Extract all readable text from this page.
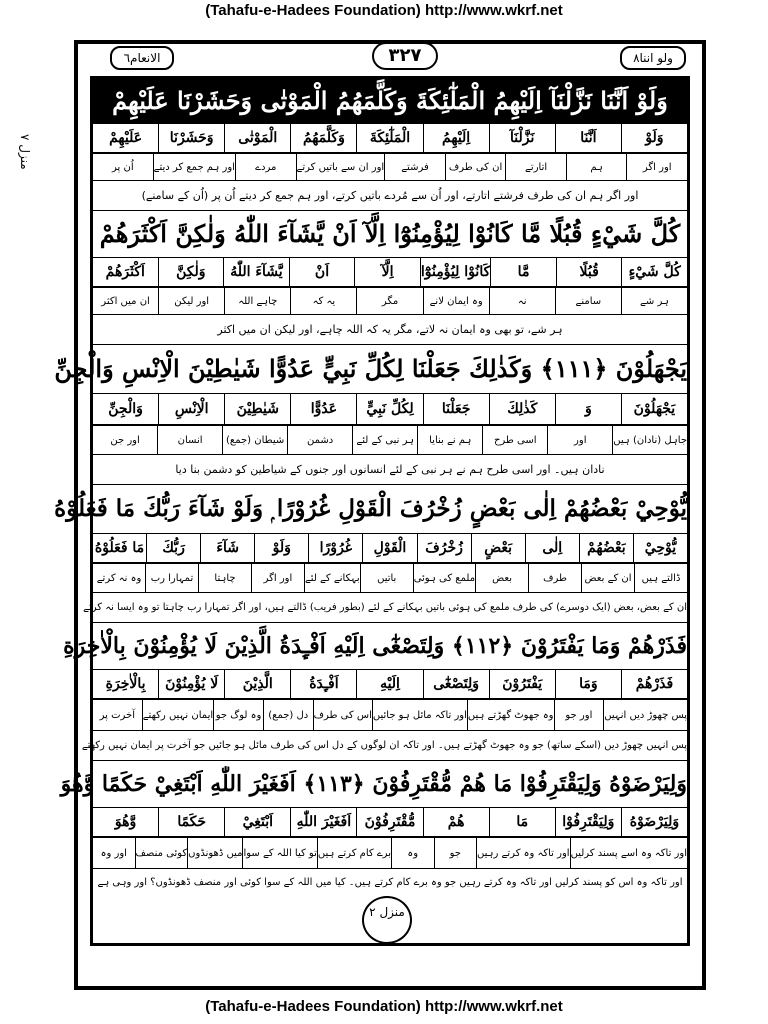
(Tahafu-e-Hadees Foundation) http://www.wkrf.net
الانعام٦	٣٢٧	ولو اننا٨
منزل ٧
وَلَوْ اَنَّنَا نَزَّلْنَآ اِلَيْهِمُ الْمَلٰٓئِكَةَ وَكَلَّمَهُمُ الْمَوْتٰى وَحَشَرْنَا عَلَيْهِمْ
وَلَوْ
اَنَّنَا
نَزَّلْنَآ
اِلَيْهِمُ
الْمَلٰٓئِكَةَ
وَكَلَّمَهُمُ
الْمَوْتٰى
وَحَشَرْنَا
عَلَيْهِمْ
اور اگر
ہم
اتارتے
ان کی طرف
فرشتے
اور ان سے باتیں کرتے
مردے
اور ہم جمع کر دیتے
اُن پر
اور اگر ہم ان کی طرف فرشتے اتارتے، اور اُن سے مُردے باتیں کرتے، اور ہم جمع کر دیتے اُن پر (اُن کے سامنے)
كُلَّ شَيْءٍ قُبُلًا مَّا كَانُوْا لِيُؤْمِنُوْٓا اِلَّآ اَنْ يَّشَآءَ اللّٰهُ وَلٰكِنَّ اَكْثَرَهُمْ
كُلَّ شَيْءٍ
قُبُلًا
مَّا
كَانُوْا لِيُؤْمِنُوْٓا
اِلَّآ
اَنْ
يَّشَآءَ اللّٰهُ
وَلٰكِنَّ
اَكْثَرَهُمْ
ہر شے
سامنے
نہ
وہ ایمان لانے
مگر
یہ کہ
چاہے اللہ
اور لیکن
ان میں اکثر
ہر شے، تو بھی وہ ایمان نہ لاتے، مگر یہ کہ اللہ چاہے، اور لیکن ان میں اکثر
يَجْهَلُوْنَ ﴿١١١﴾ وَكَذٰلِكَ جَعَلْنَا لِكُلِّ نَبِيٍّ عَدُوًّا شَيٰطِيْنَ الْاِنْسِ وَالْجِنِّ
يَجْهَلُوْنَ
وَ
كَذٰلِكَ
جَعَلْنَا
لِكُلِّ نَبِيٍّ
عَدُوًّا
شَيٰطِيْنَ
الْاِنْسِ
وَالْجِنِّ
جاہل (نادان) ہیں
اور
اسی طرح
ہم نے بنایا
ہر نبی کے لئے
دشمن
شیطان (جمع)
انسان
اور جن
نادان ہیں۔ اور اسی طرح ہم نے ہر نبی کے لئے انسانوں اور جنوں کے شیاطین کو دشمن بنا دیا
يُّوْحِيْ بَعْضُهُمْ اِلٰى بَعْضٍ زُخْرُفَ الْقَوْلِ غُرُوْرًا ۭ وَلَوْ شَآءَ رَبُّكَ مَا فَعَلُوْهُ
يُّوْحِيْ
بَعْضُهُمْ
اِلٰى
بَعْضٍ
زُخْرُفَ
الْقَوْلِ
غُرُوْرًا
وَلَوْ
شَآءَ
رَبُّكَ
مَا فَعَلُوْهُ
ڈالتے ہیں
ان کے بعض
طرف
بعض
ملمع کی ہوئی
باتیں
بہکانے کے لئے
اور اگر
چاہتا
تمہارا رب
وہ نہ کرتے
ان کے بعض، بعض (ایک دوسرے) کی طرف ملمع کی ہوئی باتیں بہکانے کے لئے (بطور فریب) ڈالتے ہیں، اور اگر تمہارا رب چاہتا تو وہ ایسا نہ کرتے
فَذَرْهُمْ وَمَا يَفْتَرُوْنَ ﴿١١٢﴾ وَلِتَصْغٰٓى اِلَيْهِ اَفْـِٕدَةُ الَّذِيْنَ لَا يُؤْمِنُوْنَ بِالْاٰخِرَةِ
فَذَرْهُمْ
وَمَا
يَفْتَرُوْنَ
وَلِتَصْغٰٓى
اِلَيْهِ
اَفْـِٕدَةُ
الَّذِيْنَ
لَا يُؤْمِنُوْنَ
بِالْاٰخِرَةِ
پس چھوڑ دیں انہیں
اور جو
وہ جھوٹ گھڑتے ہیں
اور تاکہ مائل ہو جائیں
اس کی طرف
دل (جمع)
وہ لوگ جو
ایمان نہیں رکھتے
آخرت پر
پس انہیں چھوڑ دیں (اسکے ساتھ) جو وہ جھوٹ گھڑتے ہیں۔ اور تاکہ ان لوگوں کے دل اس کی طرف مائل ہو جائیں جو آخرت پر ایمان نہیں رکھتے
وَلِيَرْضَوْهُ وَلِيَقْتَرِفُوْا مَا هُمْ مُّقْتَرِفُوْنَ ﴿١١٣﴾ اَفَغَيْرَ اللّٰهِ اَبْتَغِيْ حَكَمًا وَّهُوَ
وَلِيَرْضَوْهُ
وَلِيَقْتَرِفُوْا
مَا
هُمْ
مُّقْتَرِفُوْنَ
اَفَغَيْرَ اللّٰهِ
اَبْتَغِيْ
حَكَمًا
وَّهُوَ
اور تاکہ وہ اسے پسند کرلیں
اور تاکہ وہ کرتے رہیں
جو
وہ
برے کام کرتے ہیں
تو کیا اللہ کے سوا
میں ڈھونڈوں
کوئی منصف
اور وہ
اور تاکہ وہ اس کو پسند کرلیں اور تاکہ وہ کرتے رہیں جو وہ برے کام کرتے ہیں۔ کیا میں اللہ کے سوا کوئی اور منصف ڈھونڈوں؟ اور وہی ہے
منزل ٢
(Tahafu-e-Hadees Foundation) http://www.wkrf.net
